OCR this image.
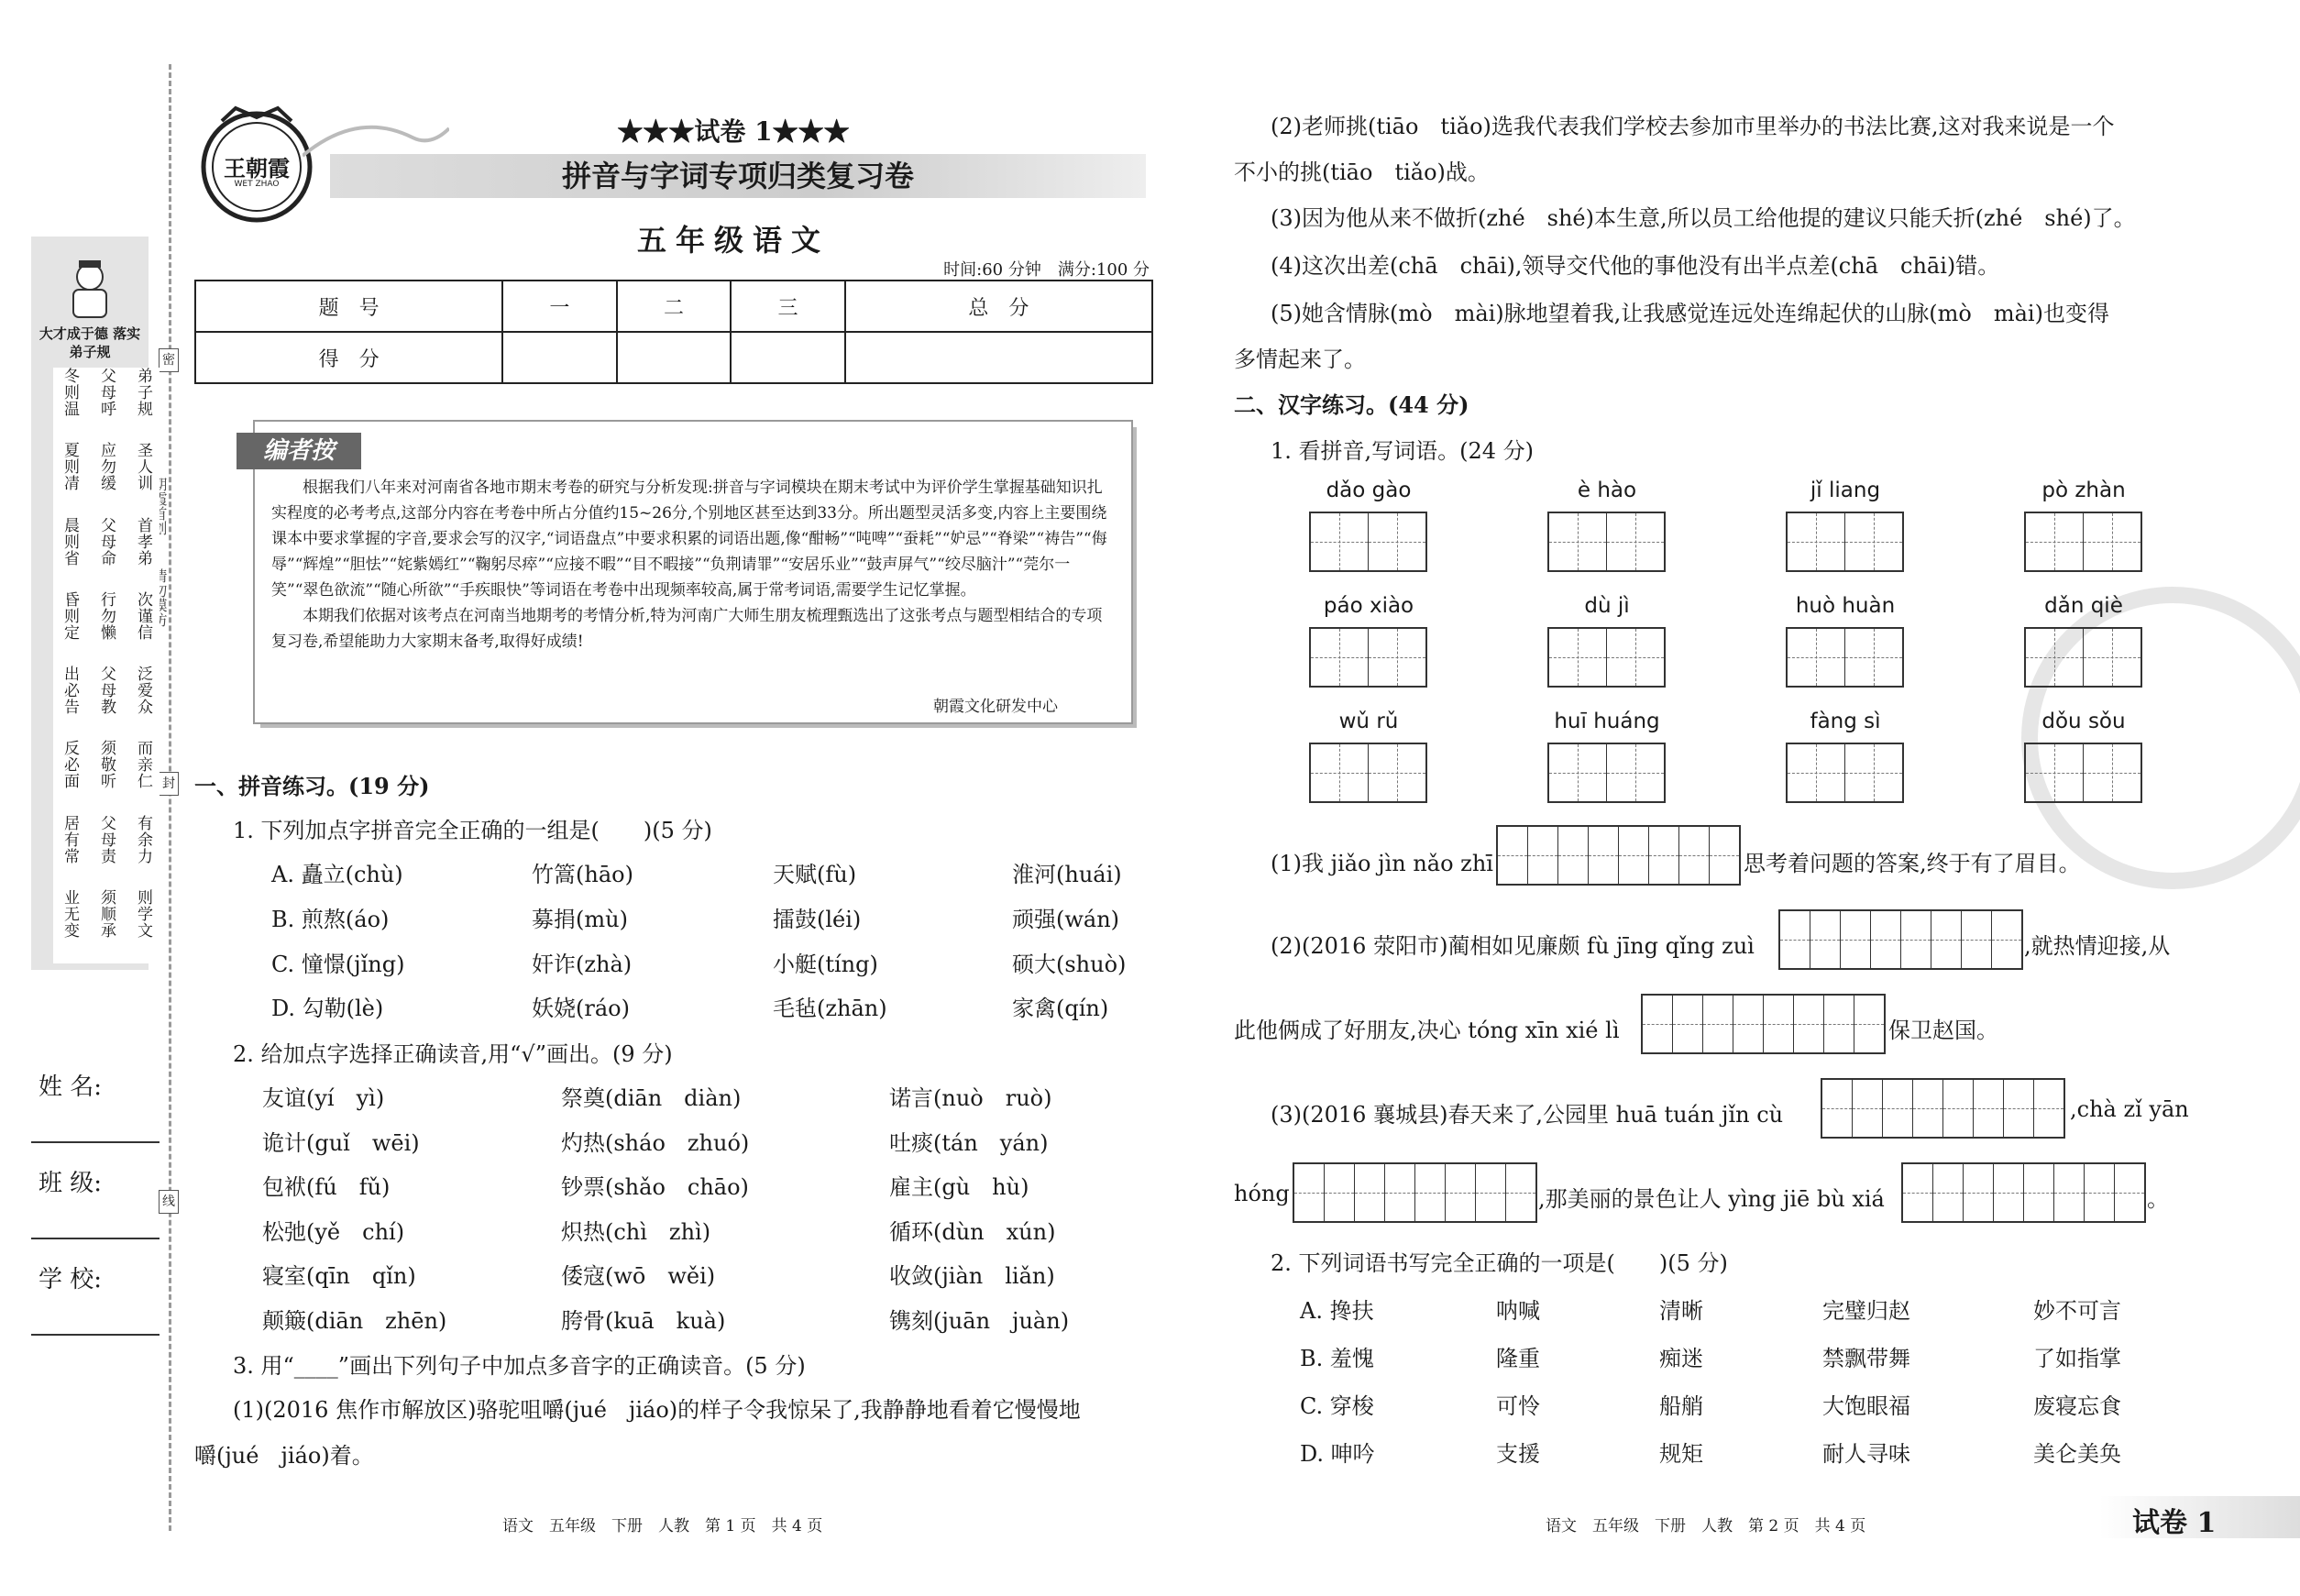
密
封
线
大才成于德 落实弟子规
弟子规
圣人训
首孝弟
次谨信
泛爱众
而亲仁
有余力
则学文
父母呼
应勿缓
父母命
行勿懒
父母教
须敬听
父母责
须顺承
冬则温
夏则凊
晨则省
昏则定
出必告
反必面
居有常
业无变
姓 名:
班 级:
学 校:
王朝霞
WET ZHAO
★★★试卷 1★★★
拼音与字词专项归类复习卷
五年级语文
时间:60 分钟　满分:100 分
题　号	一	二	三	总　分
得　分				
编者按

根据我们八年来对河南省各地市期末考卷的研究与分析发现:拼音与字词模块在期末考试中为评价学生掌握基础知识扎实程度的必考考点,这部分内容在考卷中所占分值约15~26分,个别地区甚至达到33分。所出题型灵活多变,内容上主要围绕课本中要求掌握的字音,要求会写的汉字,“词语盘点”中要求积累的词语出题,像“酣畅”“吨啤”“蚕耗”“妒忌”“脊梁”“祷告”“侮辱”“辉煌”“胆怯”“姹紫嫣红”“鞠躬尽瘁”“应接不暇”“目不暇接”“负荆请罪”“安居乐业”“鼓声屏气”“绞尽脑汁”“莞尔一笑”“翠色欲流”“随心所欲”“手疾眼快”等词语在考卷中出现频率较高,属于常考词语,需要学生记忆掌握。

本期我们依据对该考点在河南当地期考的考情分析,特为河南广大师生朋友梳理甄选出了这张考点与题型相结合的专项复习卷,希望能助力大家期末备考,取得好成绩!

朝霞文化研发中心
一、拼音练习。(19 分)
1. 下列加点字拼音完全正确的一组是(　　)(5 分)
A. 矗立(chù)	竹篙(hāo)	天赋(fù)	淮河(huái)
B. 煎熬(áo)	募捐(mù)	擂鼓(léi)	顽强(wán)
C. 憧憬(jǐng)	奸诈(zhà)	小艇(tíng)	硕大(shuò)
D. 勾勒(lè)	妖娆(ráo)	毛毡(zhān)	家禽(qín)
2. 给加点字选择正确读音,用“√”画出。(9 分)
友谊(yí　yì)	祭奠(diān　diàn)	诺言(nuò　ruò)
诡计(guǐ　wēi)	灼热(sháo　zhuó)	吐痰(tán　yán)
包袱(fú　fǔ)	钞票(shǎo　chāo)	雇主(gù　hù)
松弛(yě　chí)	炽热(chì　zhì)	循环(dùn　xún)
寝室(qīn　qǐn)	倭寇(wō　wěi)	收敛(jiàn　liǎn)
颠簸(diān　zhēn)	胯骨(kuā　kuà)	镌刻(juān　juàn)
3. 用“____”画出下列句子中加点多音字的正确读音。(5 分)
(1)(2016 焦作市解放区)骆驼咀嚼(jué　jiáo)的样子令我惊呆了,我静静地看着它慢慢地
嚼(jué　jiáo)着。
语文　五年级　下册　人教　第 1 页　共 4 页
(2)老师挑(tiāo　tiǎo)选我代表我们学校去参加市里举办的书法比赛,这对我来说是一个
不小的挑(tiāo　tiǎo)战。
(3)因为他从来不做折(zhé　shé)本生意,所以员工给他提的建议只能夭折(zhé　shé)了。
(4)这次出差(chā　chāi),领导交代他的事他没有出半点差(chā　chāi)错。
(5)她含情脉(mò　mài)脉地望着我,让我感觉连远处连绵起伏的山脉(mò　mài)也变得
多情起来了。
二、汉字练习。(44 分)
1. 看拼音,写词语。(24 分)
dǎo gào	è hào	jǐ liang	pò zhàn
páo xiào	dù jì	huò huàn	dǎn qiè
wǔ rǔ	huī huáng	fàng sì	dǒu sǒu
(1)我 jiǎo jìn nǎo zhī	思考着问题的答案,终于有了眉目。
(2)(2016 荥阳市)蔺相如见廉颇 fù jīng qǐng zuì	,就热情迎接,从
此他俩成了好朋友,决心 tóng xīn xié lì	保卫赵国。
(3)(2016 襄城县)春天来了,公园里 huā tuán jǐn cù	,chà zǐ yān
hóng	,那美丽的景色让人 yìng jiē bù xiá	。
2. 下列词语书写完全正确的一项是(　　)(5 分)
A. 搀扶	呐喊	清晰	完璧归赵	妙不可言
B. 羞愧	隆重	痴迷	禁飘带舞	了如指掌
C. 穿梭	可怜	船艄	大饱眼福	废寝忘食
D. 呻吟	支援	规矩	耐人寻味	美仑美奂
语文　五年级　下册　人教　第 2 页　共 4 页	试卷 1
